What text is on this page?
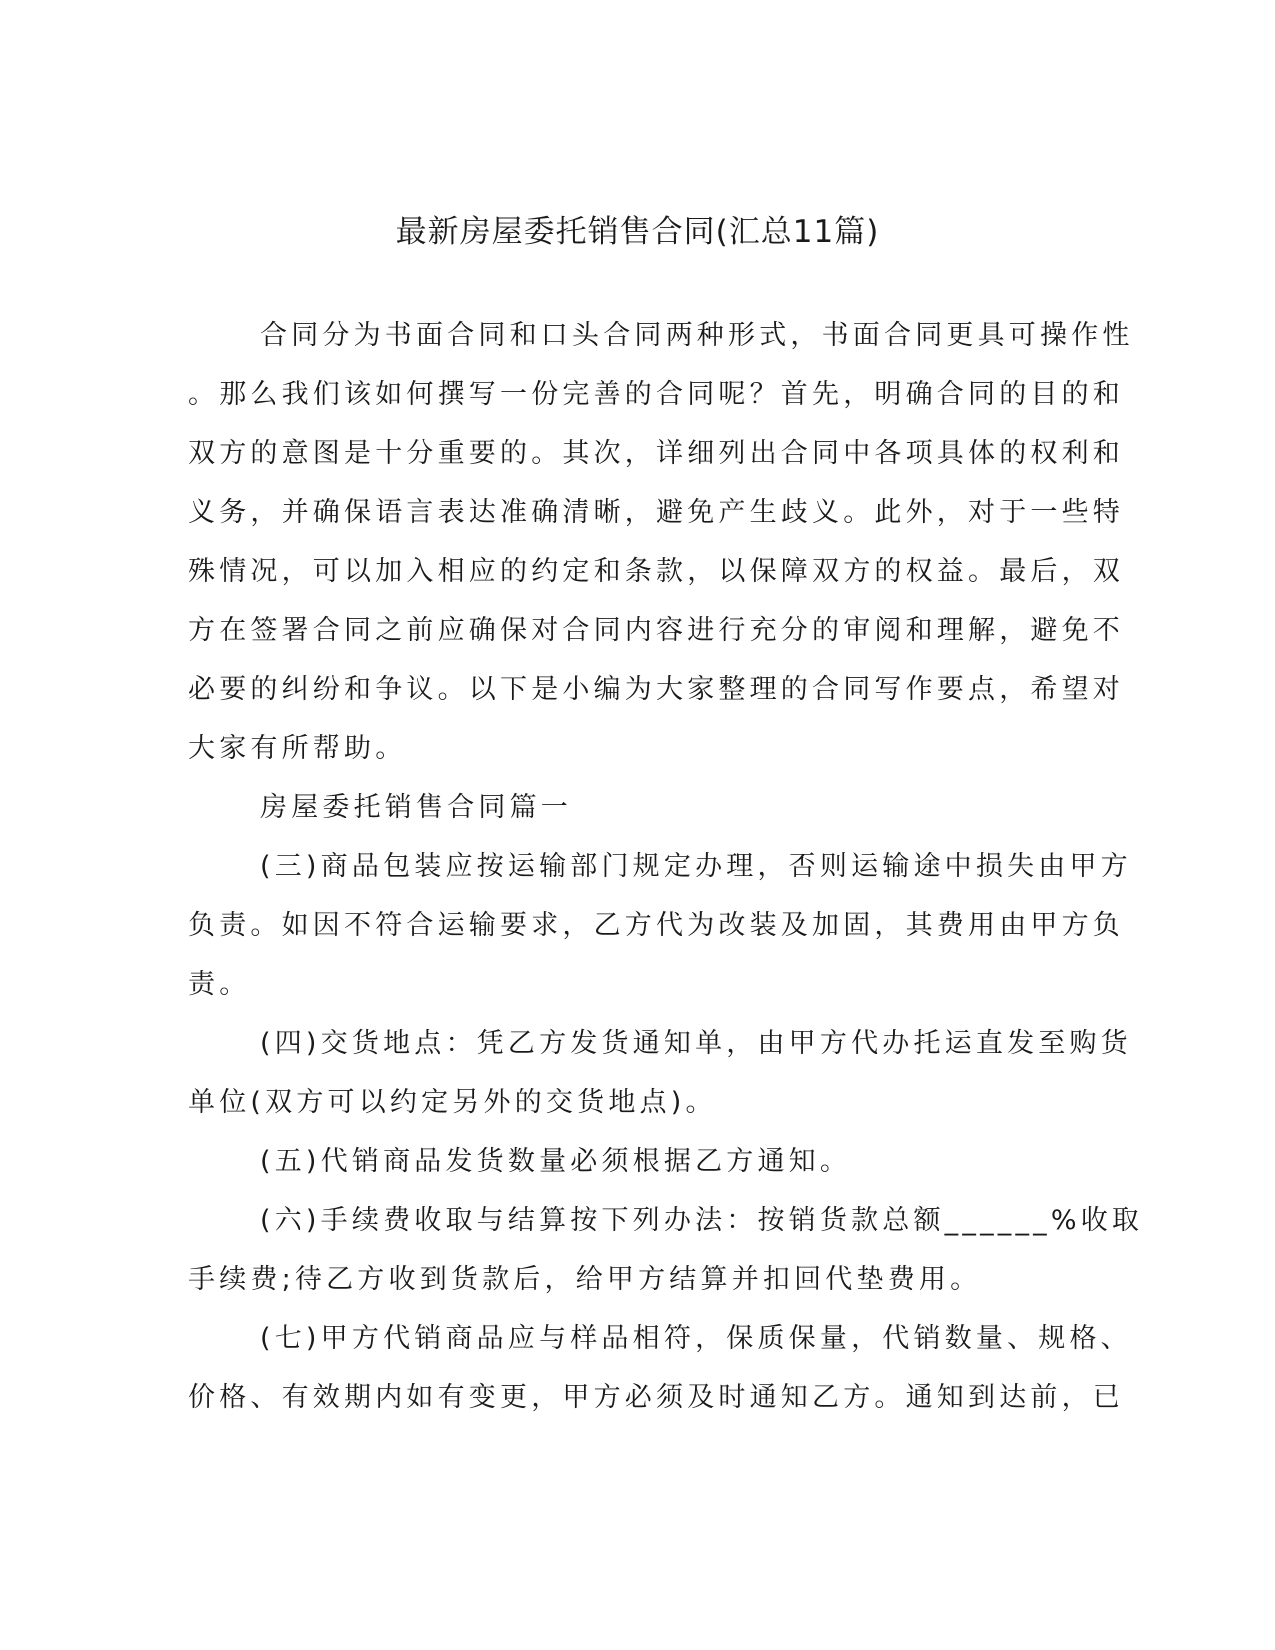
最新房屋委托销售合同(汇总11篇)
合同分为书面合同和口头合同两种形式，书面合同更具可操作性
。那么我们该如何撰写一份完善的合同呢？首先，明确合同的目的和
双方的意图是十分重要的。其次，详细列出合同中各项具体的权利和
义务，并确保语言表达准确清晰，避免产生歧义。此外，对于一些特
殊情况，可以加入相应的约定和条款，以保障双方的权益。最后，双
方在签署合同之前应确保对合同内容进行充分的审阅和理解，避免不
必要的纠纷和争议。以下是小编为大家整理的合同写作要点，希望对
大家有所帮助。
房屋委托销售合同篇一
(三)商品包装应按运输部门规定办理，否则运输途中损失由甲方
负责。如因不符合运输要求，乙方代为改装及加固，其费用由甲方负
责。
(四)交货地点：凭乙方发货通知单，由甲方代办托运直发至购货
单位(双方可以约定另外的交货地点)。
(五)代销商品发货数量必须根据乙方通知。
(六)手续费收取与结算按下列办法：按销货款总额______%收取
手续费;待乙方收到货款后，给甲方结算并扣回代垫费用。
(七)甲方代销商品应与样品相符，保质保量，代销数量、规格、
价格、有效期内如有变更，甲方必须及时通知乙方。通知到达前，已
